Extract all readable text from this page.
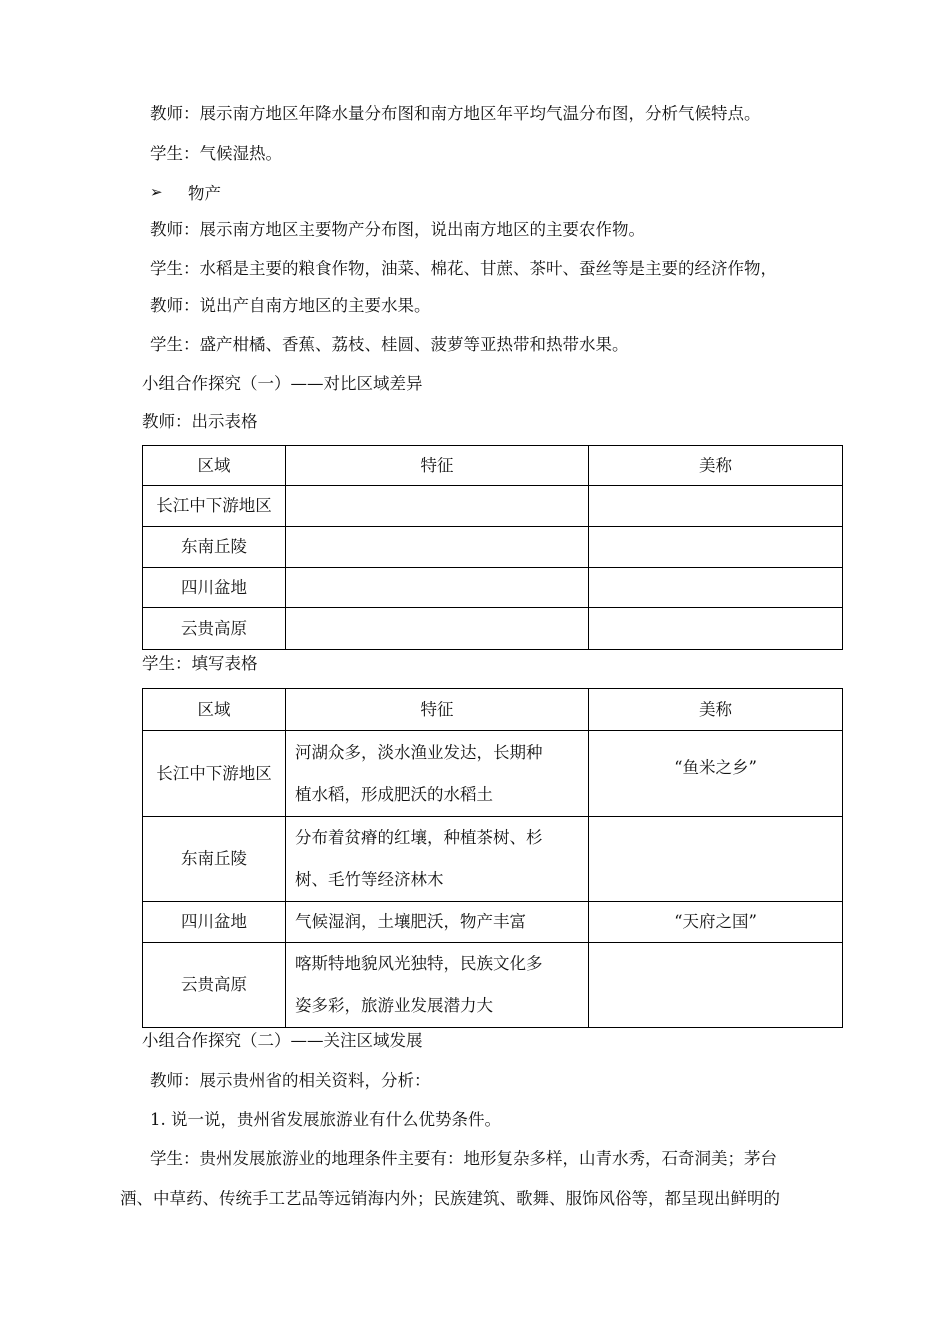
教师：展示南方地区年降水量分布图和南方地区年平均气温分布图，分析气候特点。
学生：气候湿热。
➢ 物产
教师：展示南方地区主要物产分布图，说出南方地区的主要农作物。
学生：水稻是主要的粮食作物，油菜、棉花、甘蔗、茶叶、蚕丝等是主要的经济作物，
教师：说出产自南方地区的主要水果。
学生：盛产柑橘、香蕉、荔枝、桂圆、菠萝等亚热带和热带水果。
小组合作探究（一）——对比区域差异
教师：出示表格
区域	特征	美称
长江中下游地区		
东南丘陵		
四川盆地		
云贵高原		
学生：填写表格
区域	特征	美称
长江中下游地区	河湖众多，淡水渔业发达，长期种
植水稻，形成肥沃的水稻土	“鱼米之乡”
东南丘陵	分布着贫瘠的红壤，种植茶树、杉
树、毛竹等经济林木	

四川盆地	气候湿润，土壤肥沃，物产丰富	“天府之国”
云贵高原	喀斯特地貌风光独特，民族文化多
姿多彩，旅游业发展潜力大	

小组合作探究（二）——关注区域发展
教师：展示贵州省的相关资料，分析：
1. 说一说，贵州省发展旅游业有什么优势条件。
学生：贵州发展旅游业的地理条件主要有：地形复杂多样，山青水秀，石奇洞美；茅台
酒、中草药、传统手工艺品等远销海内外；民族建筑、歌舞、服饰风俗等，都呈现出鲜明的
